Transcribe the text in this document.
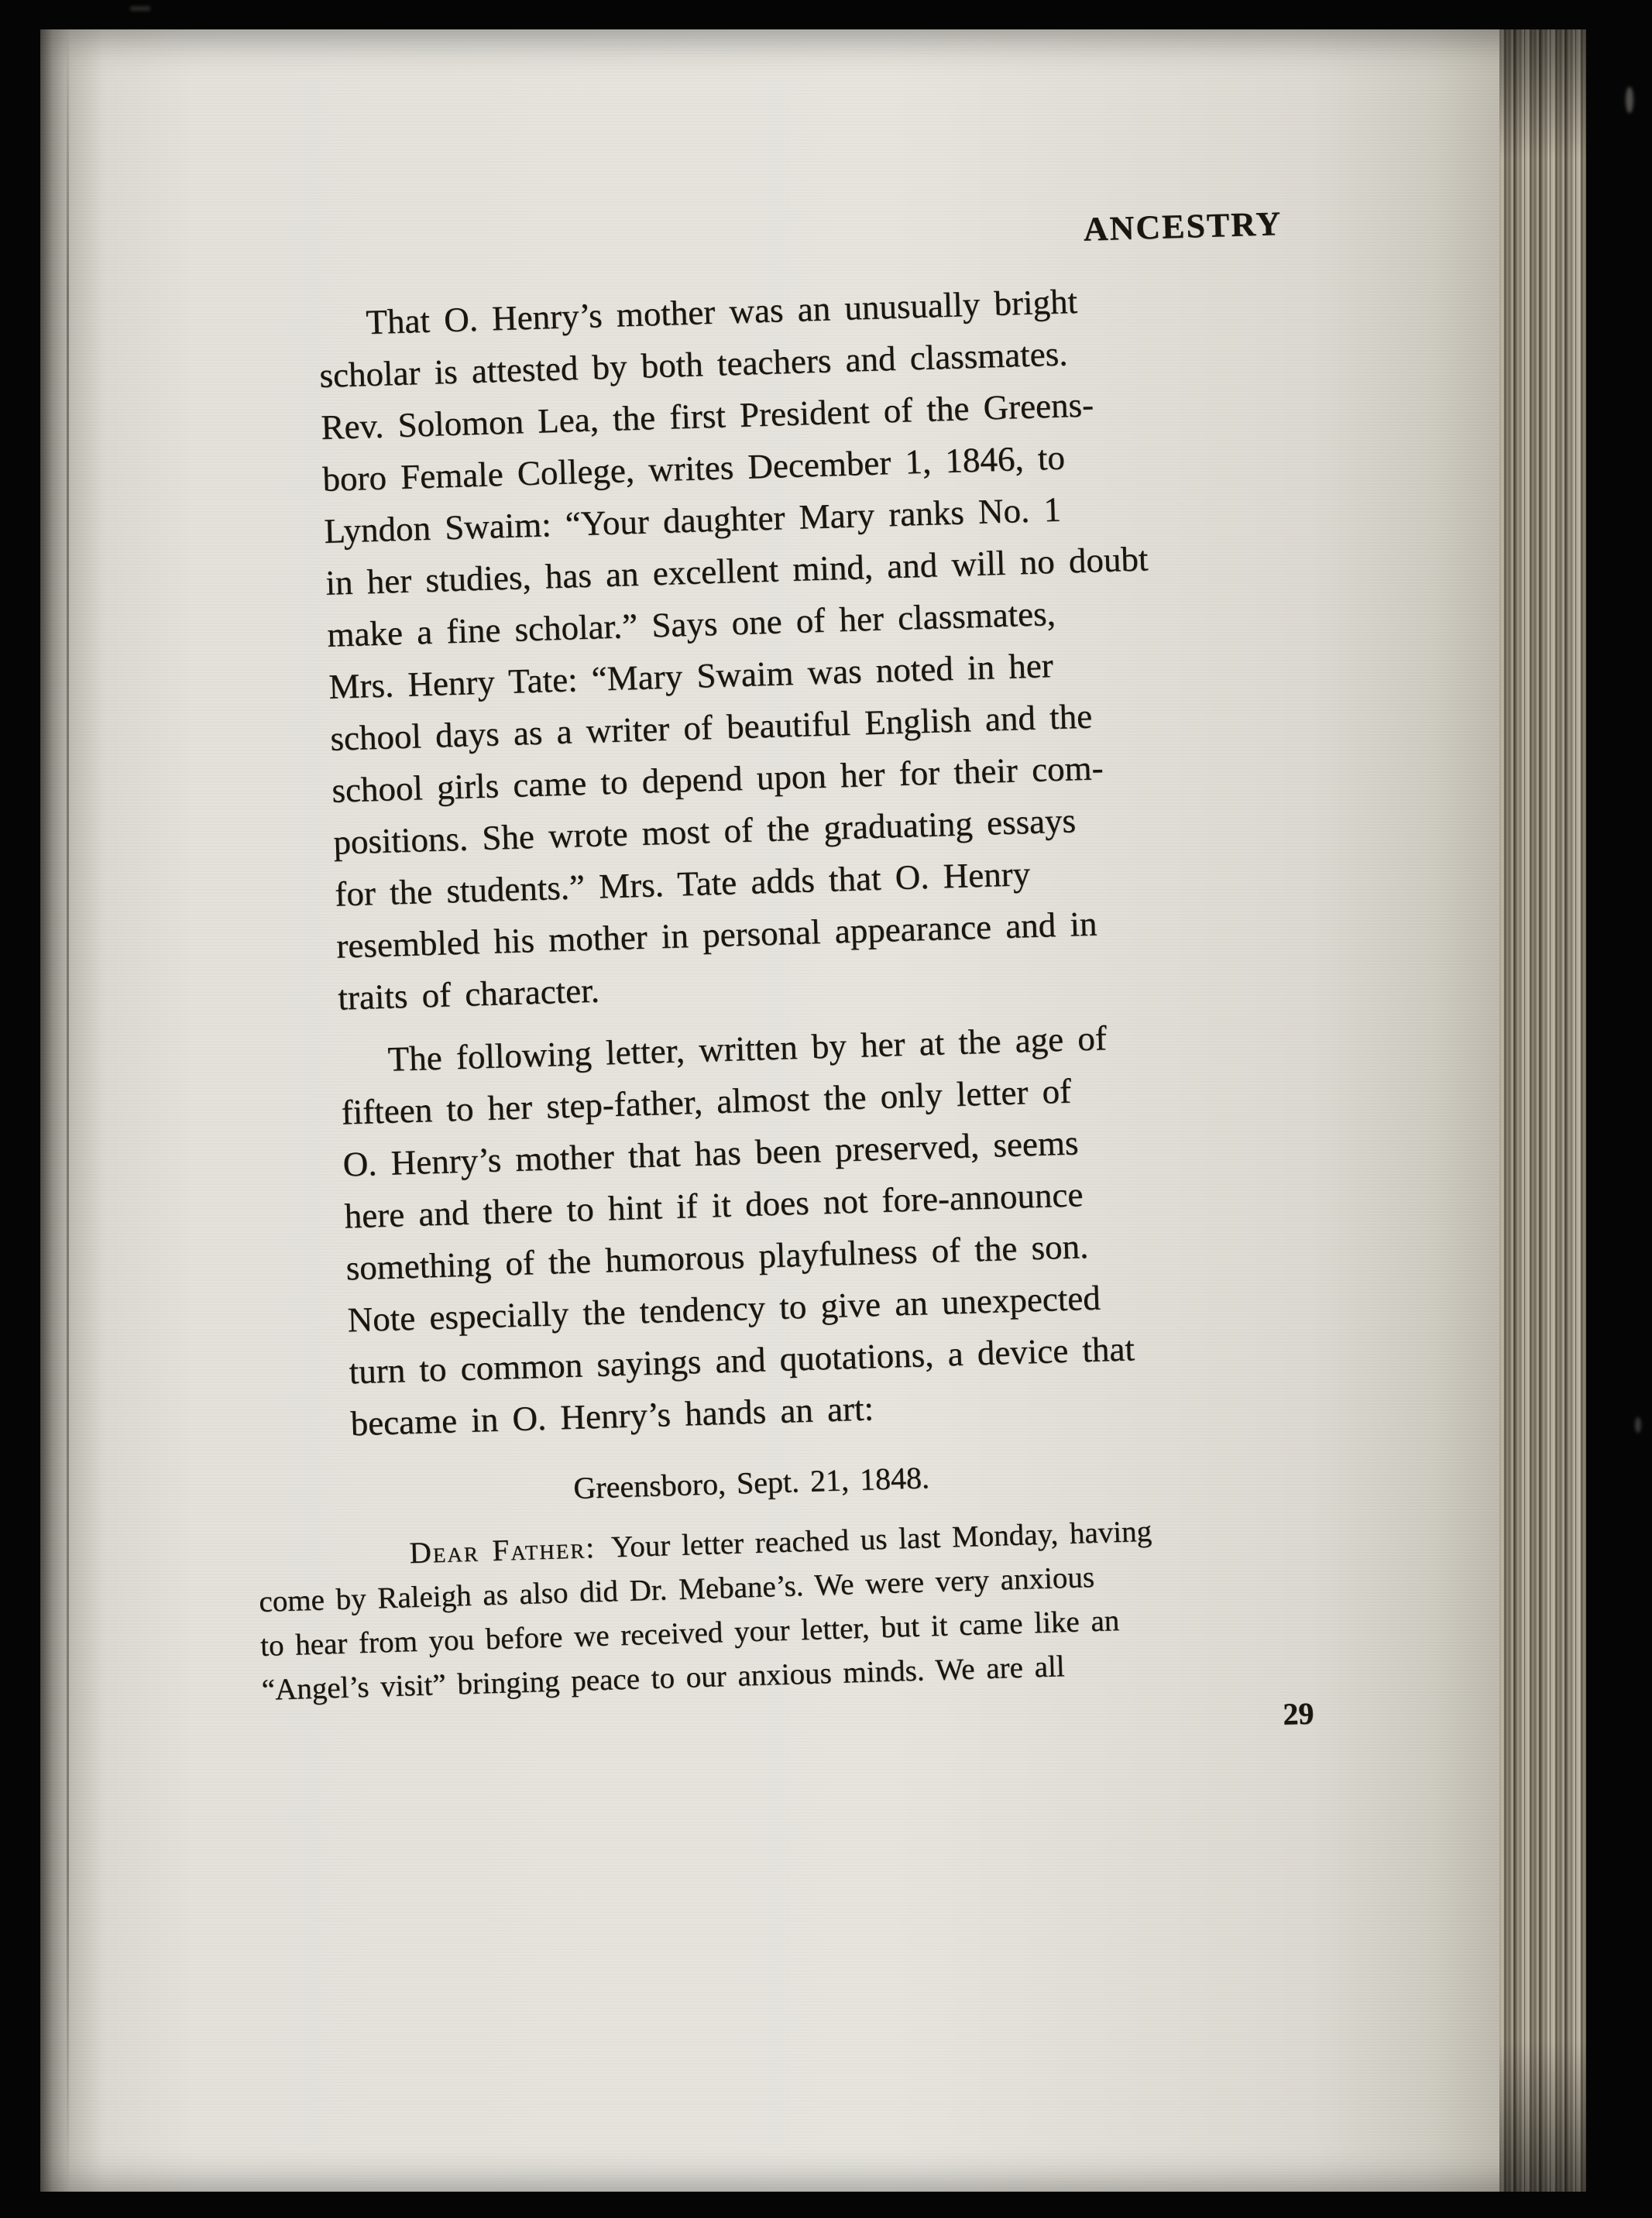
ANCESTRY

That O. Henry’s mother was an unusually bright
scholar is attested by both teachers and classmates.
Rev. Solomon Lea, the first President of the Greens-
boro Female College, writes December 1, 1846, to
Lyndon Swaim: “Your daughter Mary ranks No. 1
in her studies, has an excellent mind, and will no doubt
make a fine scholar.” Says one of her classmates,
Mrs. Henry Tate: “Mary Swaim was noted in her
school days as a writer of beautiful English and the
school girls came to depend upon her for their com-
positions. She wrote most of the graduating essays
for the students.” Mrs. Tate adds that O. Henry
resembled his mother in personal appearance and in
traits of character.

The following letter, written by her at the age of
fifteen to her step-father, almost the only letter of
O. Henry’s mother that has been preserved, seems
here and there to hint if it does not fore-announce
something of the humorous playfulness of the son.
Note especially the tendency to give an unexpected
turn to common sayings and quotations, a device that
became in O. Henry’s hands an art:

Greensboro, Sept. 21, 1848.

Dear Father: Your letter reached us last Monday, having
come by Raleigh as also did Dr. Mebane’s. We were very anxious
to hear from you before we received your letter, but it came like an
“Angel’s visit” bringing peace to our anxious minds. We are all

29
